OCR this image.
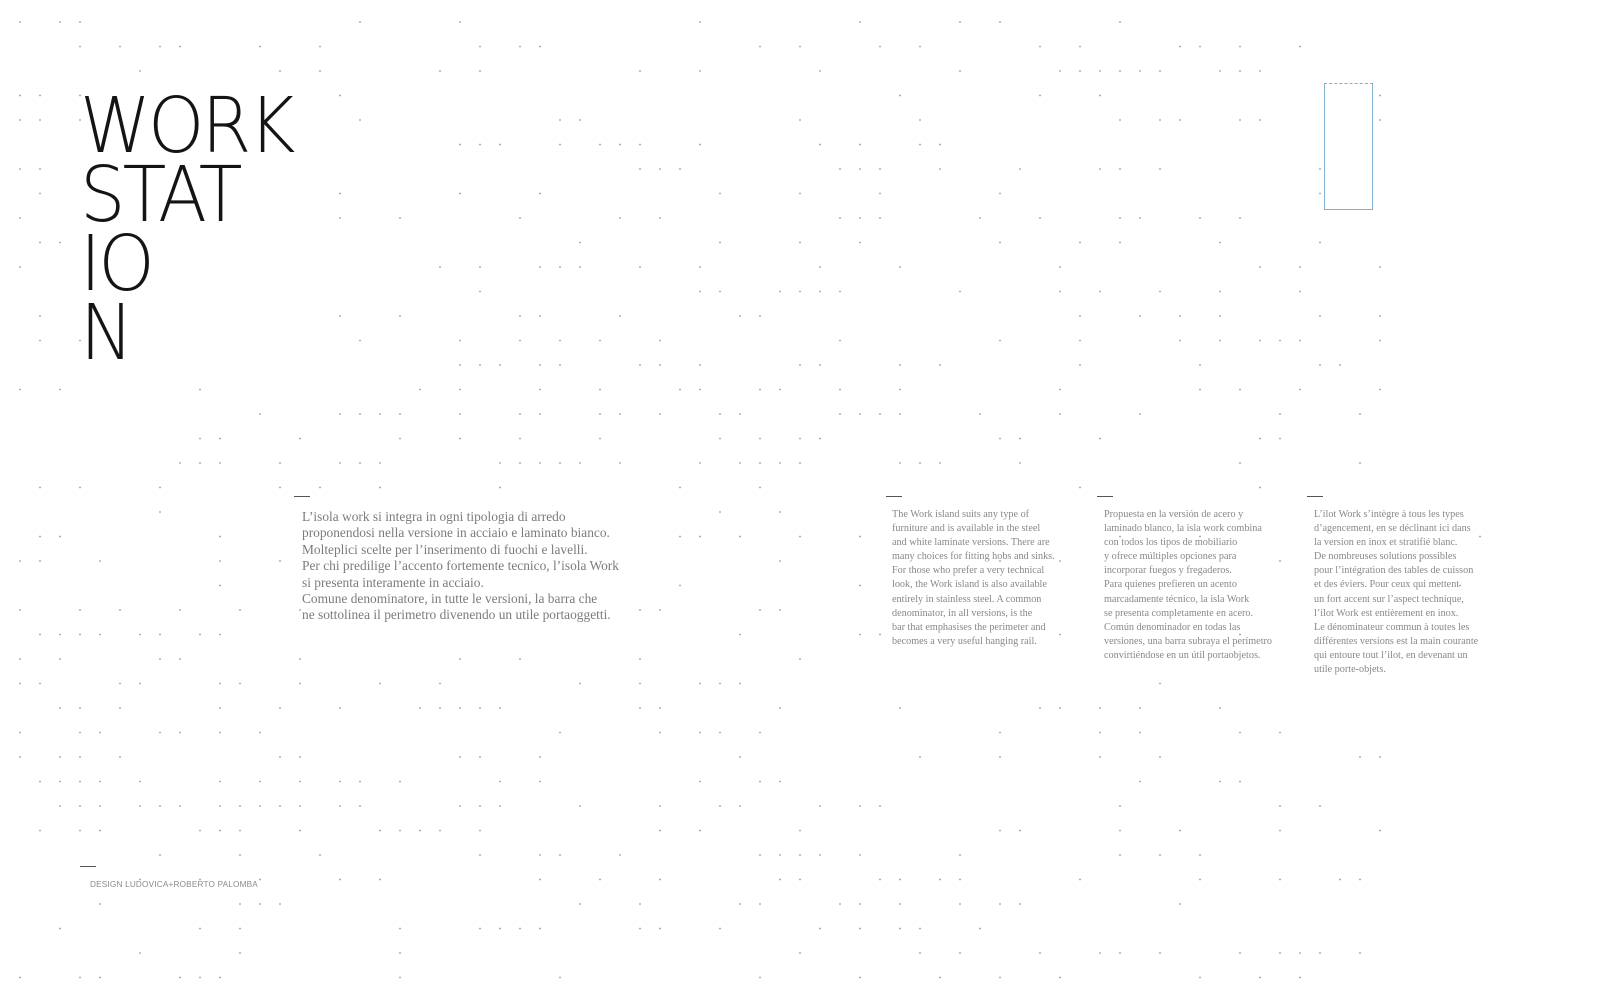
WORK
STAT
IO
N

L’isola work si integra in ogni tipologia di arredo

proponendosi nella versione in acciaio e laminato bianco.

Molteplici scelte per l’inserimento di fuochi e lavelli.

Per chi predilige l’accento fortemente tecnico, l’isola Work

si presenta interamente in acciaio.

Comune denominatore, in tutte le versioni, la barra che

ne sottolinea il perimetro divenendo un utile portaoggetti.

The Work island suits any type of

furniture and is available in the steel

and white laminate versions. There are

many choices for fitting hobs and sinks.

For those who prefer a very technical

look, the Work island is also available

entirely in stainless steel. A common

denominator, in all versions, is the

bar that emphasises the perimeter and

becomes a very useful hanging rail.

Propuesta en la versión de acero y

laminado blanco, la isla work combina

con todos los tipos de mobiliario

y ofrece múltiples opciones para

incorporar fuegos y fregaderos.

Para quienes prefieren un acento

marcadamente técnico, la isla Work

se presenta completamente en acero.

Común denominador en todas las

versiones, una barra subraya el perímetro

convirtiéndose en un útil portaobjetos.

L’ilot Work s’intègre à tous les types

d’agencement, en se déclinant ici dans

la version en inox et stratifié blanc.

De nombreuses solutions possibles

pour l’intégration des tables de cuisson

et des éviers. Pour ceux qui mettent

un fort accent sur l’aspect technique,

l’ilot Work est entièrement en inox.

Le dénominateur commun à toutes les

différentes versions est la main courante

qui entoure tout l’ilot, en devenant un

utile porte-objets.

DESIGN LUDOVICA+ROBERTO PALOMBA
